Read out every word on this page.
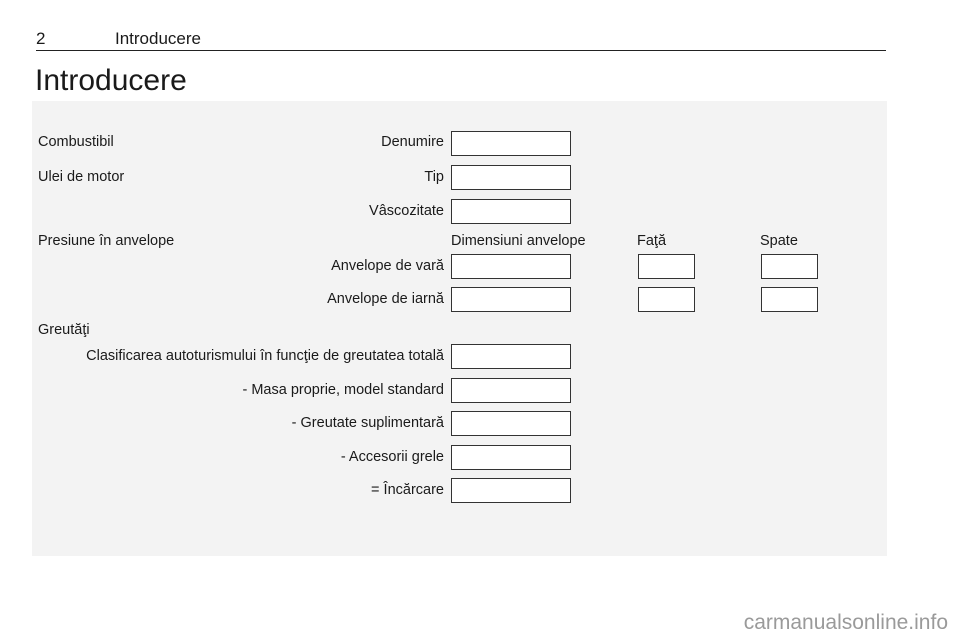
2	Introducere
Introducere
Combustibil	Denumire
Ulei de motor	Tip
Vâscozitate
Presiune în anvelope	Dimensiuni anvelope	Faţă	Spate
Anvelope de vară
Anvelope de iarnă
Greutăţi
Clasificarea autoturismului în funcţie de greutatea totală
- Masa proprie, model standard
- Greutate suplimentară
- Accesorii grele
= Încărcare
carmanualsonline.info
